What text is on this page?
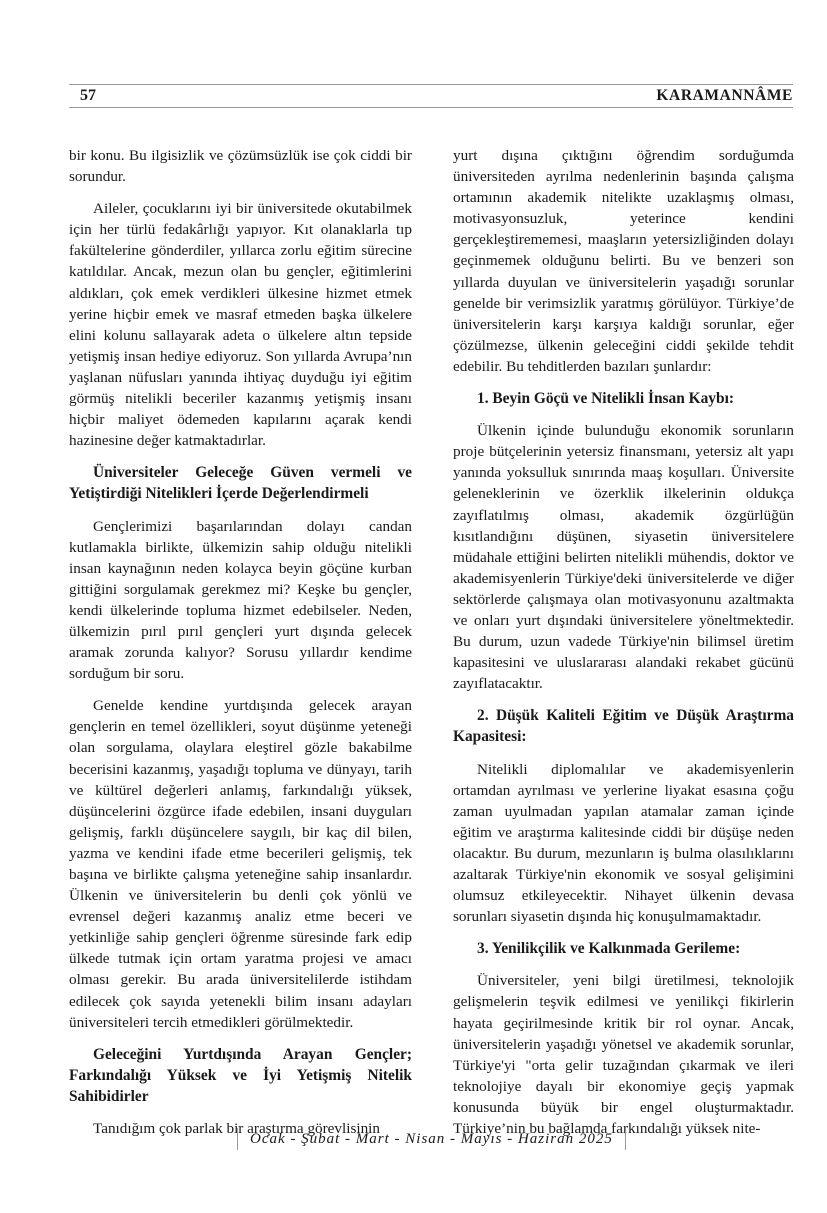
57	KARAMANNÂME

bir konu. Bu ilgisizlik ve çözümsüzlük ise çok ciddi bir sorundur.

Aileler, çocuklarını iyi bir üniversitede okutabilmek için her türlü fedakârlığı yapıyor. Kıt olanaklarla tıp fakültelerine gönderdiler, yıllarca zorlu eğitim sürecine katıldılar. Ancak, mezun olan bu gençler, eğitimlerini aldıkları, çok emek verdikleri ülkesine hizmet etmek yerine hiçbir emek ve masraf etmeden başka ülkelere elini kolunu sallayarak adeta o ülkelere altın tepside yetişmiş insan hediye ediyoruz. Son yıllarda Avrupa’nın yaşlanan nüfusları yanında ihtiyaç duyduğu iyi eğitim görmüş nitelikli beceriler kazanmış yetişmiş insanı hiçbir maliyet ödemeden kapılarını açarak kendi hazinesine değer katmaktadırlar.

Üniversiteler Geleceğe Güven vermeli ve Yetiştirdiği Nitelikleri İçerde Değerlendirmeli

Gençlerimizi başarılarından dolayı candan kutlamakla birlikte, ülkemizin sahip olduğu nitelikli insan kaynağının neden kolayca beyin göçüne kurban gittiğini sorgulamak gerekmez mi? Keşke bu gençler, kendi ülkelerinde topluma hizmet edebilseler. Neden, ülkemizin pırıl pırıl gençleri yurt dışında gelecek aramak zorunda kalıyor? Sorusu yıllardır kendime sorduğum bir soru.

Genelde kendine yurtdışında gelecek arayan gençlerin en temel özellikleri, soyut düşünme yeteneği olan sorgulama, olaylara eleştirel gözle bakabilme becerisini kazanmış, yaşadığı topluma ve dünyayı, tarih ve kültürel değerleri anlamış, farkındalığı yüksek, düşüncelerini özgürce ifade edebilen, insani duyguları gelişmiş, farklı düşüncelere saygılı, bir kaç dil bilen, yazma ve kendini ifade etme becerileri gelişmiş, tek başına ve birlikte çalışma yeteneğine sahip insanlardır. Ülkenin ve üniversitelerin bu denli çok yönlü ve evrensel değeri kazanmış analiz etme beceri ve yetkinliğe sahip gençleri öğrenme süresinde fark edip ülkede tutmak için ortam yaratma projesi ve amacı olması gerekir. Bu arada üniversitelilerde istihdam edilecek çok sayıda yetenekli bilim insanı adayları üniversiteleri tercih etmedikleri görülmektedir.

Geleceğini Yurtdışında Arayan Gençler; Farkındalığı Yüksek ve İyi Yetişmiş Nitelik Sahibidirler

Tanıdığım çok parlak bir araştırma görevlisinin

yurt dışına çıktığını öğrendim sorduğumda üniversiteden ayrılma nedenlerinin başında çalışma ortamının akademik nitelikte uzaklaşmış olması, motivasyonsuzluk, yeterince kendini gerçekleştirememesi, maaşların yetersizliğinden dolayı geçinmemek olduğunu belirti. Bu ve benzeri son yıllarda duyulan ve üniversitelerin yaşadığı sorunlar genelde bir verimsizlik yaratmış görülüyor. Türkiye’de üniversitelerin karşı karşıya kaldığı sorunlar, eğer çözülmezse, ülkenin geleceğini ciddi şekilde tehdit edebilir. Bu tehditlerden bazıları şunlardır:

1. Beyin Göçü ve Nitelikli İnsan Kaybı:

Ülkenin içinde bulunduğu ekonomik sorunların proje bütçelerinin yetersiz finansmanı, yetersiz alt yapı yanında yoksulluk sınırında maaş koşulları. Üniversite geleneklerinin ve özerklik ilkelerinin oldukça zayıflatılmış olması, akademik özgürlüğün kısıtlandığını düşünen, siyasetin üniversitelere müdahale ettiğini belirten nitelikli mühendis, doktor ve akademisyenlerin Türkiye'deki üniversitelerde ve diğer sektörlerde çalışmaya olan motivasyonunu azaltmakta ve onları yurt dışındaki üniversitelere yöneltmektedir. Bu durum, uzun vadede Türkiye'nin bilimsel üretim kapasitesini ve uluslararası alandaki rekabet gücünü zayıflatacaktır.

2. Düşük Kaliteli Eğitim ve Düşük Araştırma Kapasitesi:

Nitelikli diplomalılar ve akademisyenlerin ortamdan ayrılması ve yerlerine liyakat esasına çoğu zaman uyulmadan yapılan atamalar zaman içinde eğitim ve araştırma kalitesinde ciddi bir düşüşe neden olacaktır. Bu durum, mezunların iş bulma olasılıklarını azaltarak Türkiye'nin ekonomik ve sosyal gelişimini olumsuz etkileyecektir. Nihayet ülkenin devasa sorunları siyasetin dışında hiç konuşulmamaktadır.

3. Yenilikçilik ve Kalkınmada Gerileme:

Üniversiteler, yeni bilgi üretilmesi, teknolojik gelişmelerin teşvik edilmesi ve yenilikçi fikirlerin hayata geçirilmesinde kritik bir rol oynar. Ancak, üniversitelerin yaşadığı yönetsel ve akademik sorunlar, Türkiye'yi "orta gelir tuzağından çıkarmak ve ileri teknolojiye dayalı bir ekonomiye geçiş yapmak konusunda büyük bir engel oluşturmaktadır. Türkiye’nin bu bağlamda farkındalığı yüksek nite-

Ocak - Şubat - Mart - Nisan - Mayıs - Haziran 2025
